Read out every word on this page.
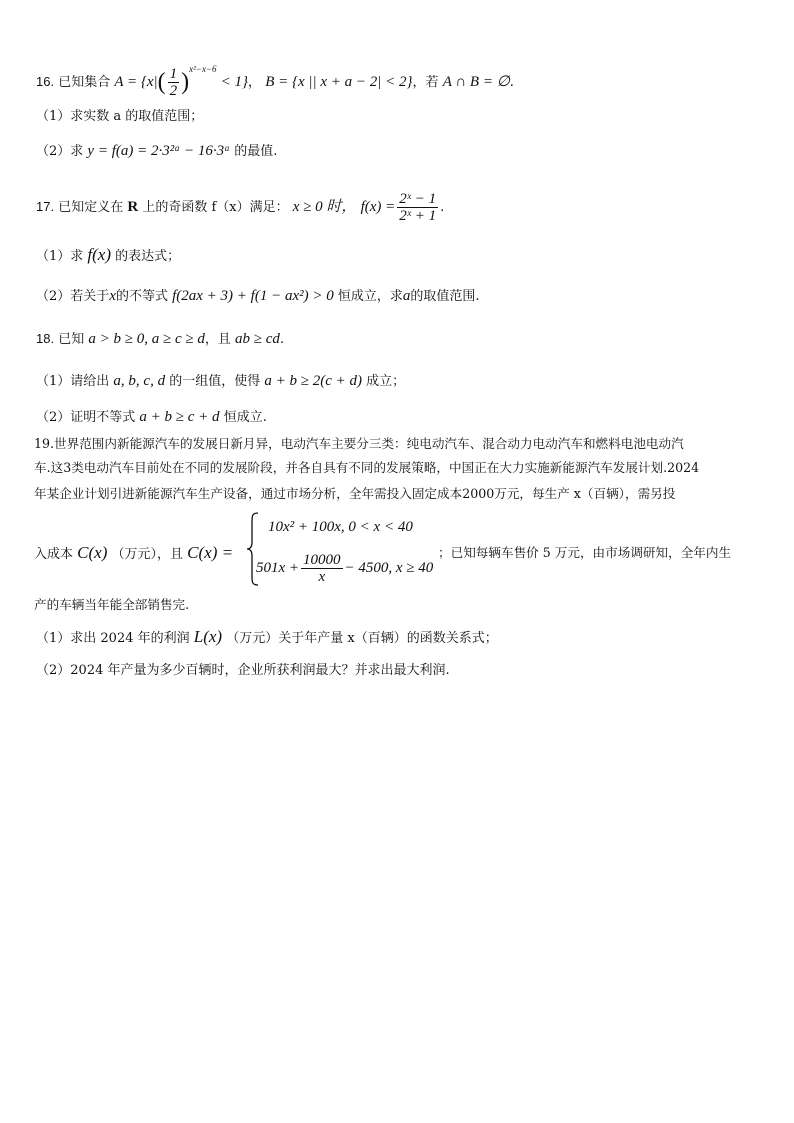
16. 已知集合 $A = \{x|( \frac{1}{2} )^{x^2-x-6} < 1\}$， B = {x || x + a − 2| < 2}，若 A ∩ B = ∅.
（1）求实数 a 的取值范围；
（2）求 y = f(a) = 2·3²ᵃ − 16·3ᵃ 的最值.
17. 已知定义在 R 上的奇函数 f（x）满足： x ≥ 0 时， $f(x) = \frac{\text{2ˣ − 1}}{\text{2ˣ + 1}}$ .
（1）求 f(x) 的表达式；
（2）若关于x的不等式 f(2ax + 3) + f(1 − ax²) > 0 恒成立，求a的取值范围.
18. 已知 a > b ≥ 0, a ≥ c ≥ d，且 ab ≥ cd.
（1）请给出 a, b, c, d 的一组值，使得 a + b ≥ 2(c + d) 成立；
（2）证明不等式 a + b ≥ c + d 恒成立.
19.世界范围内新能源汽车的发展日新月异，电动汽车主要分三类：纯电动汽车、混合动力电动汽车和燃料电池电动汽
车.这3类电动汽车目前处在不同的发展阶段，并各自具有不同的发展策略，中国正在大力实施新能源汽车发展计划.2024
年某企业计划引进新能源汽车生产设备，通过市场分析，全年需投入固定成本2000万元，每生产 x（百辆），需另投
入成本 C(x) （万元），且 C(x) =
10x² + 100x, 0 < x < 40
$501x + \frac{10000}{x} - 4500$, x ≥ 40
；已知每辆车售价 5 万元，由市场调研知，全年内生
产的车辆当年能全部销售完.
（1）求出 2024 年的利润 L(x) （万元）关于年产量 x（百辆）的函数关系式；
（2）2024 年产量为多少百辆时，企业所获利润最大？并求出最大利润.
